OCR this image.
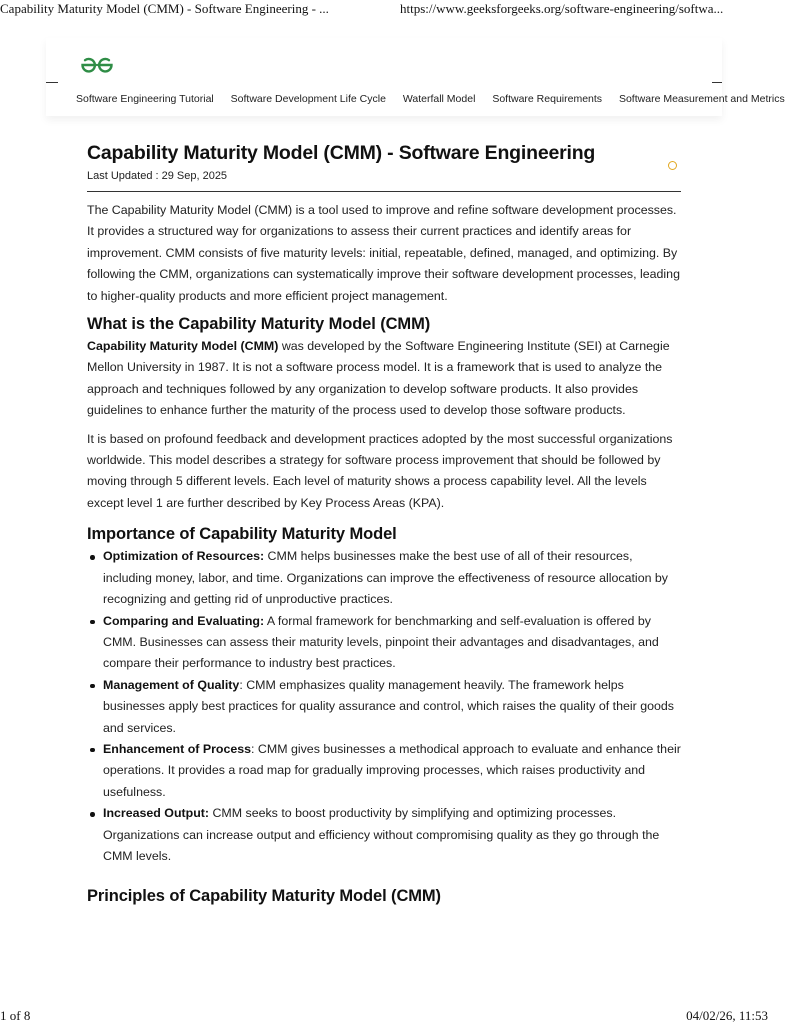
Capability Maturity Model (CMM) - Software Engineering - ...	https://www.geeksforgeeks.org/software-engineering/softwa...
Software Engineering Tutorial Software Development Life Cycle Waterfall Model Software Requirements Software Measurement and Metrics
Capability Maturity Model (CMM) - Software Engineering
Last Updated : 29 Sep, 2025

The Capability Maturity Model (CMM) is a tool used to improve and refine software development processes. It provides a structured way for organizations to assess their current practices and identify areas for improvement. CMM consists of five maturity levels: initial, repeatable, defined, managed, and optimizing. By following the CMM, organizations can systematically improve their software development processes, leading to higher-quality products and more efficient project management.

What is the Capability Maturity Model (CMM)

Capability Maturity Model (CMM) was developed by the Software Engineering Institute (SEI) at Carnegie Mellon University in 1987. It is not a software process model. It is a framework that is used to analyze the approach and techniques followed by any organization to develop software products. It also provides guidelines to enhance further the maturity of the process used to develop those software products.

It is based on profound feedback and development practices adopted by the most successful organizations worldwide. This model describes a strategy for software process improvement that should be followed by moving through 5 different levels. Each level of maturity shows a process capability level. All the levels except level 1 are further described by Key Process Areas (KPA).

Importance of Capability Maturity Model
Optimization of Resources: CMM helps businesses make the best use of all of their resources, including money, labor, and time. Organizations can improve the effectiveness of resource allocation by recognizing and getting rid of unproductive practices.
Comparing and Evaluating: A formal framework for benchmarking and self-evaluation is offered by CMM. Businesses can assess their maturity levels, pinpoint their advantages and disadvantages, and compare their performance to industry best practices.
Management of Quality: CMM emphasizes quality management heavily. The framework helps businesses apply best practices for quality assurance and control, which raises the quality of their goods and services.
Enhancement of Process: CMM gives businesses a methodical approach to evaluate and enhance their operations. It provides a road map for gradually improving processes, which raises productivity and usefulness.
Increased Output: CMM seeks to boost productivity by simplifying and optimizing processes. Organizations can increase output and efficiency without compromising quality as they go through the CMM levels.
Principles of Capability Maturity Model (CMM)
1 of 8	04/02/26, 11:53
